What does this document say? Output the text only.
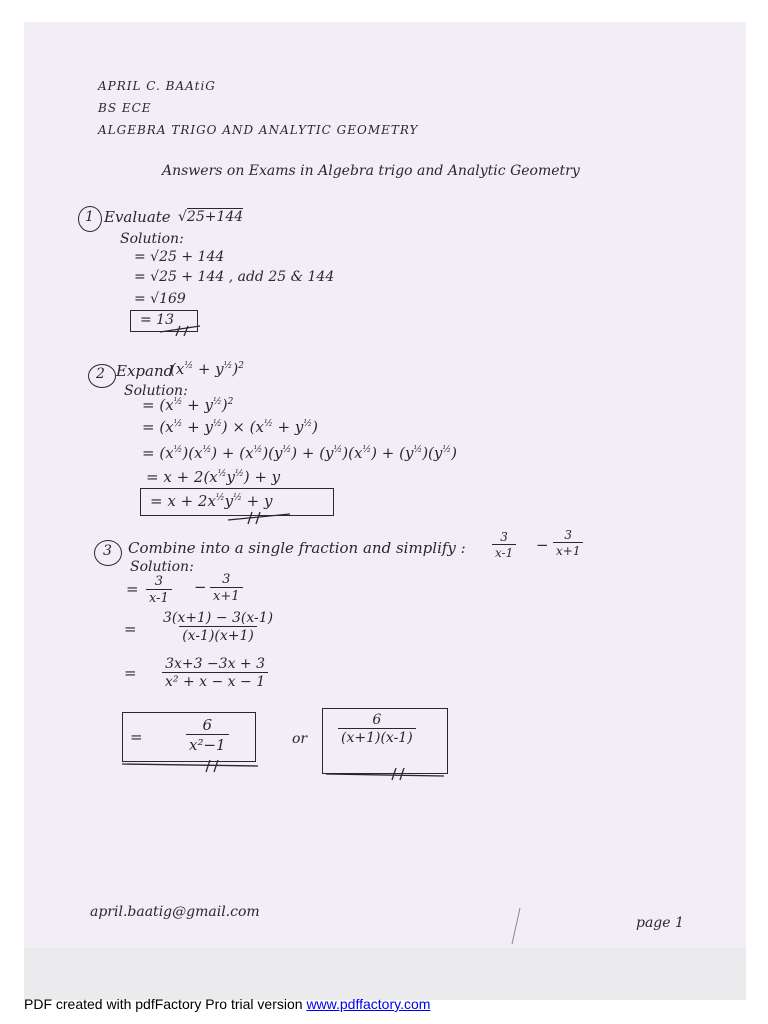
APRIL C. BAAtiG
BS ECE
ALGEBRA TRIGO AND ANALYTIC GEOMETRY
Answers on Exams in Algebra trigo and Analytic Geometry
1 Evaluate √25+144
Solution:
= √25 + 144
= √25 + 144 , add 25 & 144
= √169
= 13
2 Expand
$(x^{\frac{1}{2}} + y^{\frac{1}{2}})^2$
Solution:
= $(x^{\frac{1}{2}} + y^{\frac{1}{2}})^2$
= $(x^{\frac{1}{2}} + y^{\frac{1}{2}}) \times (x^{\frac{1}{2}} + y^{\frac{1}{2}})$
= $(x^{\frac{1}{2}})(x^{\frac{1}{2}}) + (x^{\frac{1}{2}})(y^{\frac{1}{2}}) + (y^{\frac{1}{2}})(x^{\frac{1}{2}}) + (y^{\frac{1}{2}})(y^{\frac{1}{2}})$
= $x + 2(x^{\frac{1}{2}}y^{\frac{1}{2}}) + y$
= $x + 2x^{\frac{1}{2}}y^{\frac{1}{2}} + y$
3 Combine into a single fraction and simplify : $\frac{3}{x-1} - \frac{3}{x+1}$
Solution:
= $\frac{3}{x-1} - \frac{3}{x+1}$
= $\frac{3(x+1) - 3(x-1)}{(x-1)(x+1)}$
= $\frac{3x+3 -3x + 3}{\text{x² + x − x − 1}}$
=	$\frac{6}{\text{x²−1}}$	or $\frac{6}{(x+1)(x-1)}$
april.baatig@gmail.com
page 1
PDF created with pdfFactory Pro trial version www.pdffactory.com
